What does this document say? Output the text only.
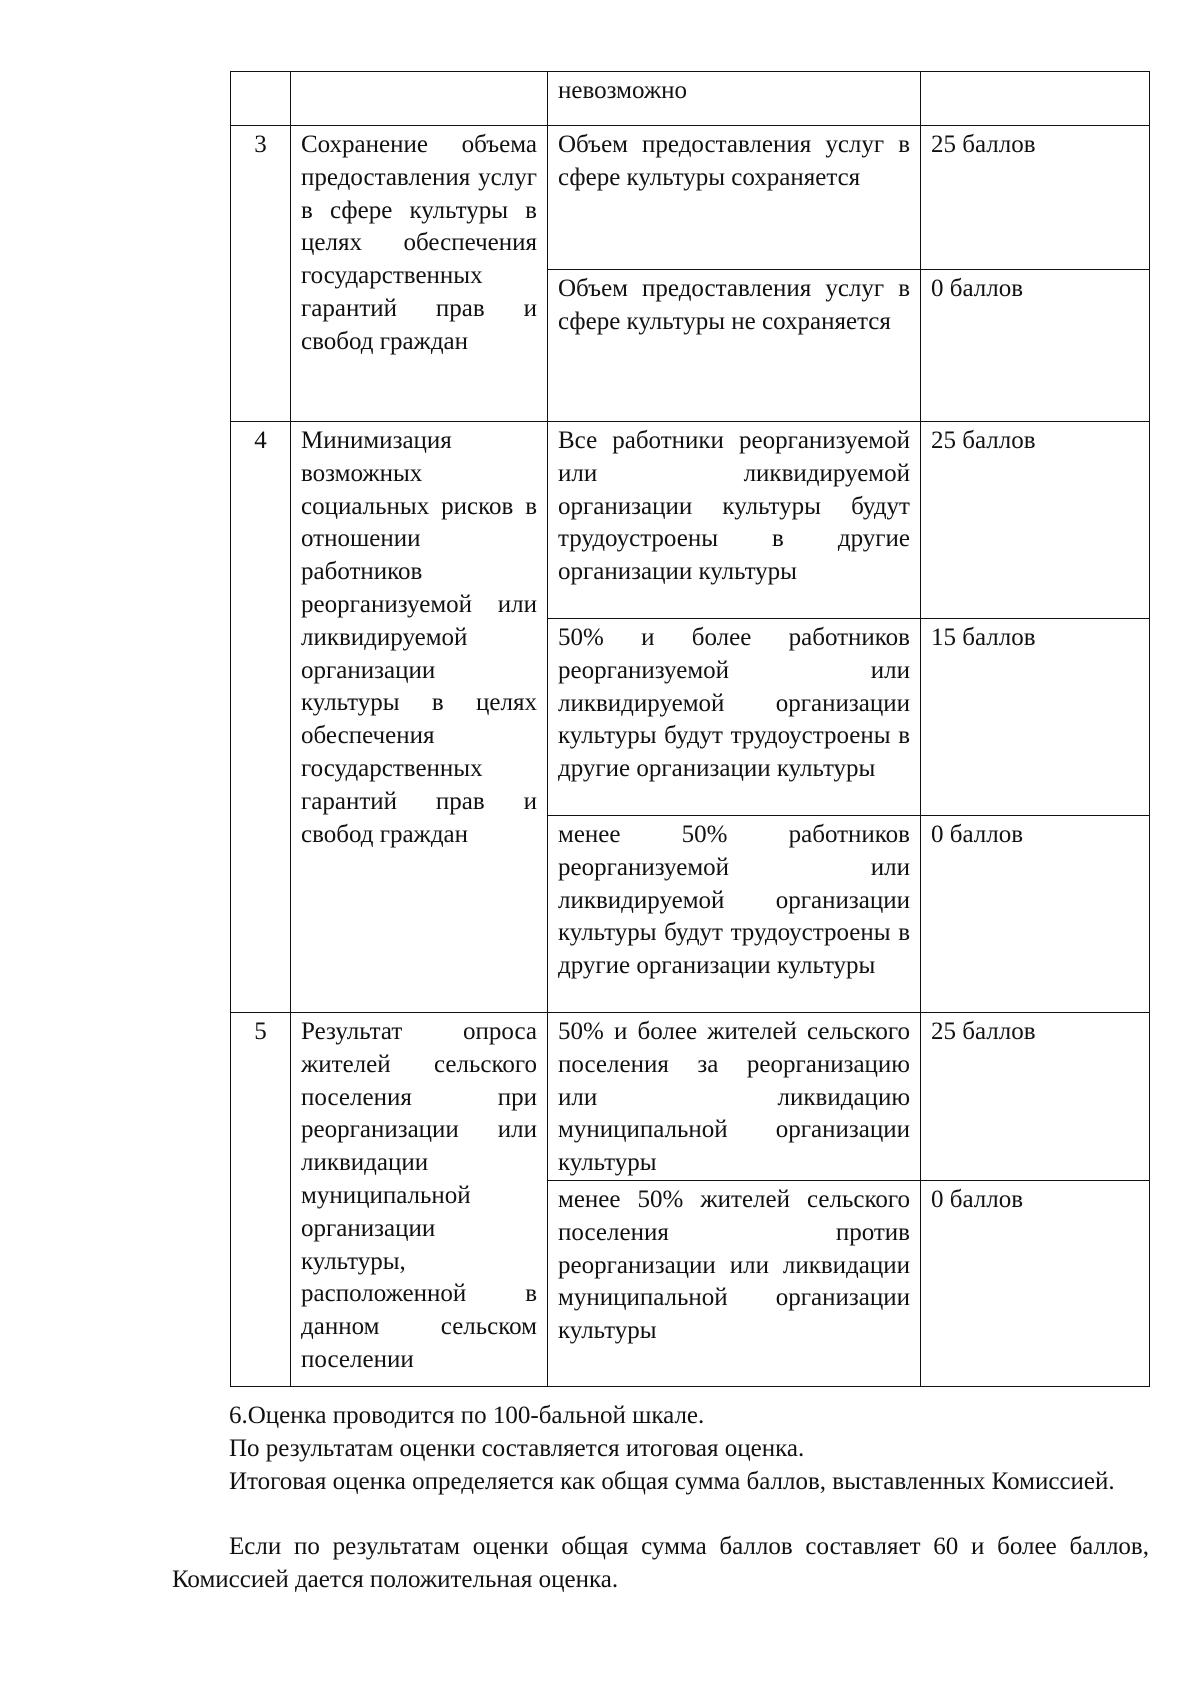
		невозможно	
3	Сохранение объема предоставления услуг в сфере культуры в целях обеспечения государственных гарантий прав и свобод граждан	Объем предоставления услуг в сфере культуры сохраняется	25 баллов
		Объем предоставления услуг в сфере культуры не сохраняется	0 баллов
4	Минимизация возможных социальных рисков в отношении работников реорганизуемой или ликвидируемой организации культуры в целях обеспечения государственных гарантий прав и свобод граждан	Все работники реорганизуемой или ликвидируемой организации культуры будут трудоустроены в другие организации культуры	25 баллов
		50% и более работников реорганизуемой или ликвидируемой организации культуры будут трудоустроены в другие организации культуры	15 баллов
		менее 50% работников реорганизуемой или ликвидируемой организации культуры будут трудоустроены в другие организации культуры	0 баллов
5	Результат опроса жителей сельского поселения при реорганизации или ликвидации муниципальной организации культуры, расположенной в данном сельском поселении	50% и более жителей сельского поселения за реорганизацию или ликвидацию муниципальной организации культуры	25 баллов
		менее 50% жителей сельского поселения против реорганизации или ликвидации муниципальной организации культуры	0 баллов

6.Оценка проводится по 100-бальной шкале.

По результатам оценки составляется итоговая оценка.

Итоговая оценка определяется как общая сумма баллов, выставленных Комиссией.

Если по результатам оценки общая сумма баллов составляет 60 и более баллов, Комиссией дается положительная оценка.
